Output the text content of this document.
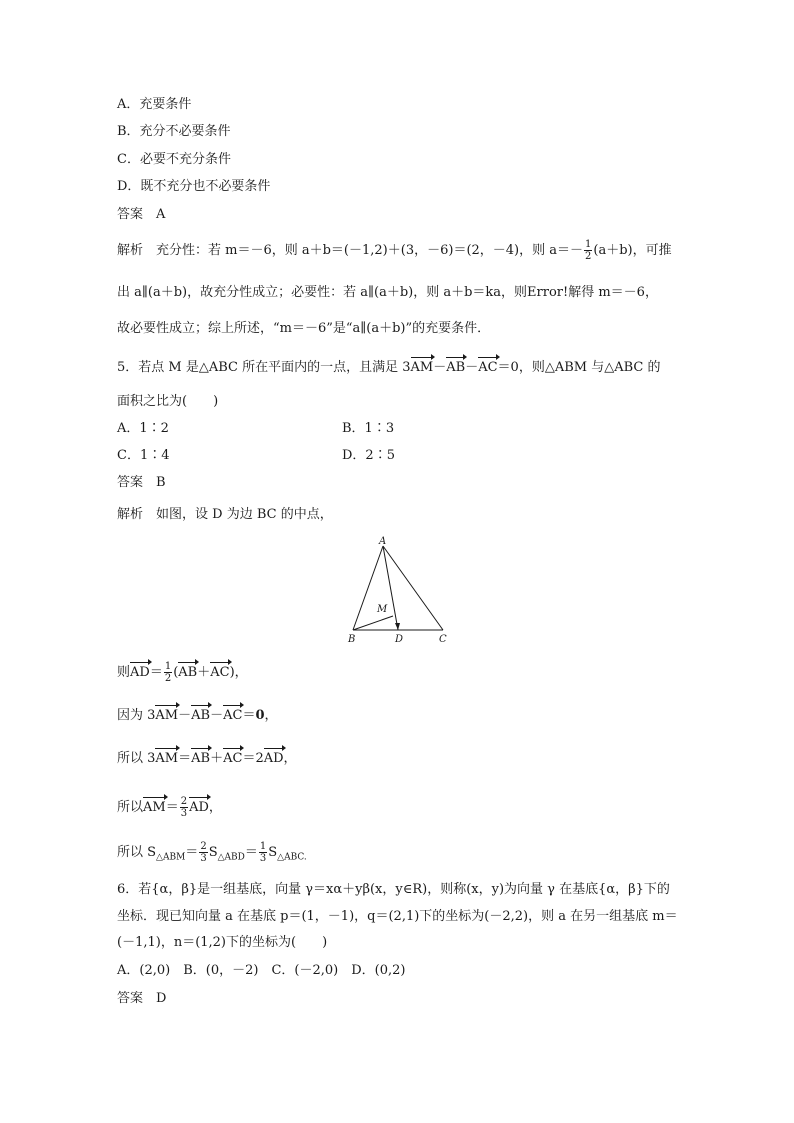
A．充要条件
B．充分不必要条件
C．必要不充分条件
D．既不充分也不必要条件
答案　A
解析　充分性：若 m＝－6，则 a＋b＝(－1,2)＋(3，－6)＝(2，－4)，则 $a=- \frac{1}{2} (a+b)$，可推
出 a∥(a＋b)，故充分性成立；必要性：若 a∥(a＋b)，则 a＋b＝ka，则Error!解得 m＝－6，
故必要性成立；综上所述，“m＝－6”是“a∥(a＋b)”的充要条件．
5．若点 M 是△ABC 所在平面内的一点，且满足 3AM－AB－AC＝0，则△ABM 与△ABC 的
面积之比为(　　)
A．1∶2	B．1∶3
C．1∶4	D．2∶5
答案　B
解析　如图，设 D 为边 BC 的中点，
A
B	C
D
M
则$AD= \frac{1}{2} (AB+AC)$，
因为 3AM－AB－AC＝0，
所以 3AM＝AB＋AC＝2AD，
所以$AM= \frac{2}{3}$ AD，
所以 $S_{\triangle ABM}= \frac{2}{3} S_{\triangle ABD}= \frac{1}{3} S_{\triangle ABC.}$
6．若{α，β}是一组基底，向量 γ＝xα＋yβ(x，y∈R)，则称(x，y)为向量 γ 在基底{α，β}下的
坐标．现已知向量 a 在基底 p＝(1，－1)，q＝(2,1)下的坐标为(－2,2)，则 a 在另一组基底 m＝
(－1,1)，n＝(1,2)下的坐标为(　　)
A．(2,0)　B．(0，－2)　C．(－2,0)　D．(0,2)
答案　D
